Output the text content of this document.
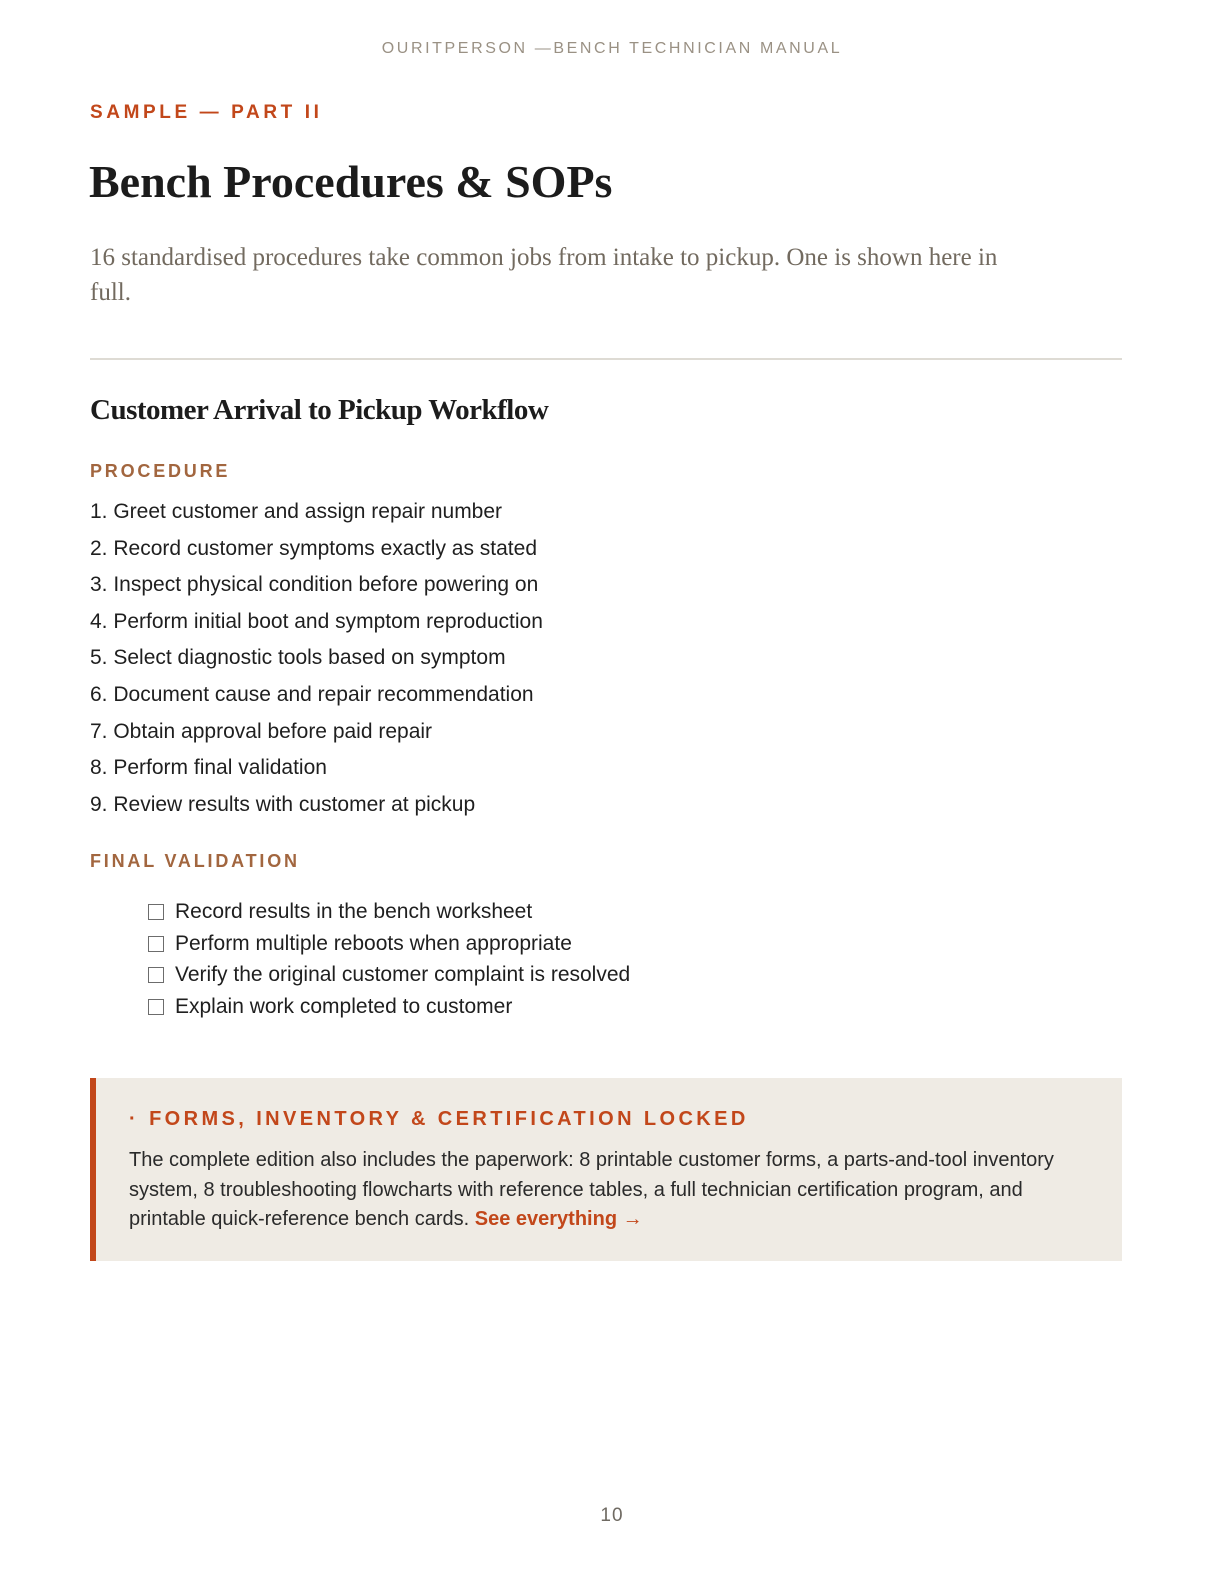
OURITPERSON —BENCH TECHNICIAN MANUAL
SAMPLE — PART II
Bench Procedures & SOPs

16 standardised procedures take common jobs from intake to pickup. One is shown here in full.

Customer Arrival to Pickup Workflow
PROCEDURE
1. Greet customer and assign repair number
2. Record customer symptoms exactly as stated
3. Inspect physical condition before powering on
4. Perform initial boot and symptom reproduction
5. Select diagnostic tools based on symptom
6. Document cause and repair recommendation
7. Obtain approval before paid repair
8. Perform final validation
9. Review results with customer at pickup
FINAL VALIDATION
Record results in the bench worksheet
Perform multiple reboots when appropriate
Verify the original customer complaint is resolved
Explain work completed to customer
· FORMS, INVENTORY & CERTIFICATION LOCKED

The complete edition also includes the paperwork: 8 printable customer forms, a parts-and-tool inventory system, 8 troubleshooting flowcharts with reference tables, a full technician certification program, and printable quick-reference bench cards. See everything →

10
